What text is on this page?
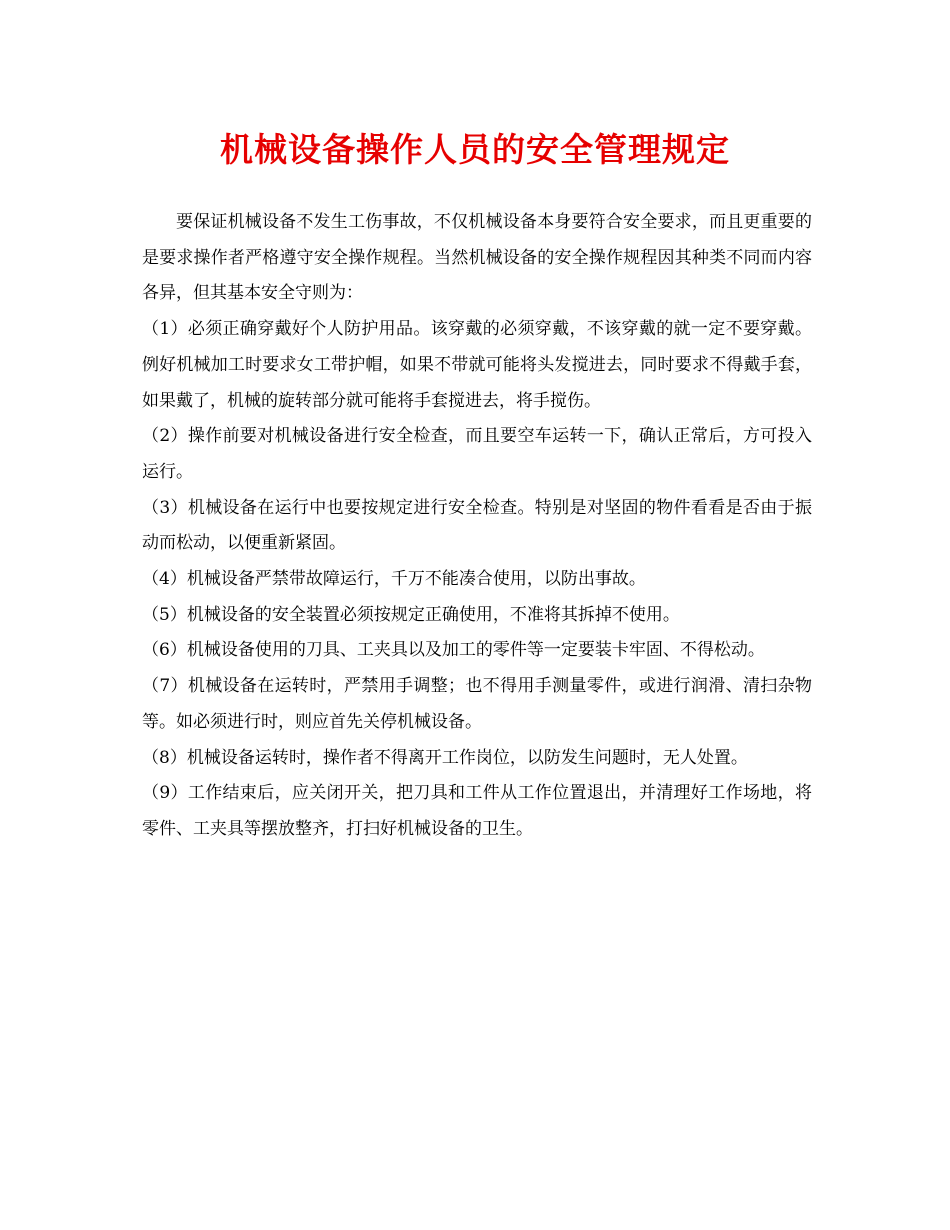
机械设备操作人员的安全管理规定

要保证机械设备不发生工伤事故，不仅机械设备本身要符合安全要求，而且更重要的是要求操作者严格遵守安全操作规程。当然机械设备的安全操作规程因其种类不同而内容各异，但其基本安全守则为：

（1）必须正确穿戴好个人防护用品。该穿戴的必须穿戴，不该穿戴的就一定不要穿戴。例好机械加工时要求女工带护帽，如果不带就可能将头发搅进去，同时要求不得戴手套，如果戴了，机械的旋转部分就可能将手套搅进去，将手搅伤。

（2）操作前要对机械设备进行安全检查，而且要空车运转一下，确认正常后，方可投入运行。

（3）机械设备在运行中也要按规定进行安全检查。特别是对坚固的物件看看是否由于振动而松动，以便重新紧固。

（4）机械设备严禁带故障运行，千万不能凑合使用，以防出事故。

（5）机械设备的安全装置必须按规定正确使用，不准将其拆掉不使用。

（6）机械设备使用的刀具、工夹具以及加工的零件等一定要装卡牢固、不得松动。

（7）机械设备在运转时，严禁用手调整；也不得用手测量零件，或进行润滑、清扫杂物等。如必须进行时，则应首先关停机械设备。

（8）机械设备运转时，操作者不得离开工作岗位，以防发生问题时，无人处置。

（9）工作结束后，应关闭开关，把刀具和工件从工作位置退出，并清理好工作场地，将零件、工夹具等摆放整齐，打扫好机械设备的卫生。
